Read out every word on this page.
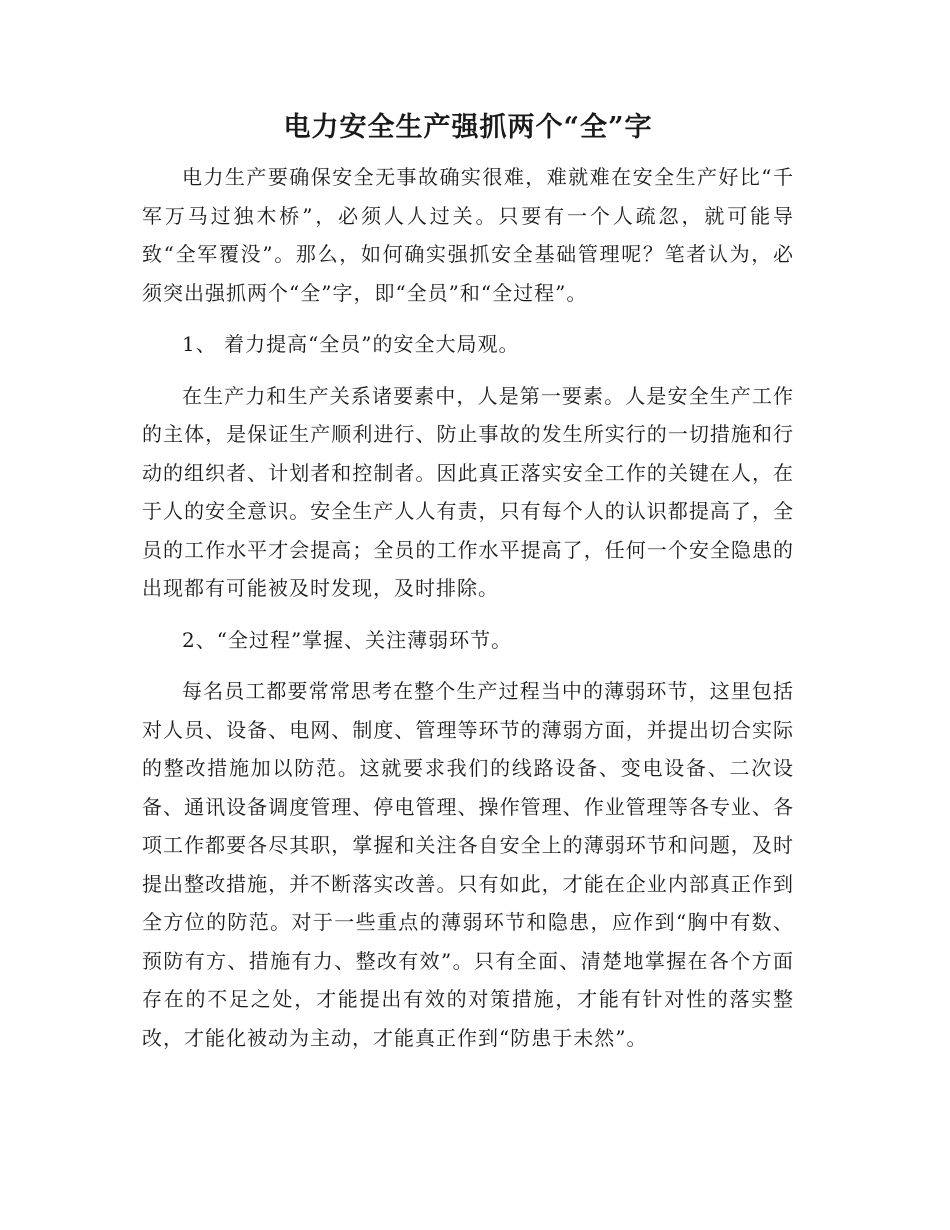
电力安全生产强抓两个“全”字

电力生产要确保安全无事故确实很难，难就难在安全生产好比“千军万马过独木桥”，必须人人过关。只要有一个人疏忽，就可能导致“全军覆没”。那么，如何确实强抓安全基础管理呢？笔者认为，必须突出强抓两个“全”字，即“全员”和“全过程”。

1、 着力提高“全员”的安全大局观。

在生产力和生产关系诸要素中，人是第一要素。人是安全生产工作的主体，是保证生产顺利进行、防止事故的发生所实行的一切措施和行动的组织者、计划者和控制者。因此真正落实安全工作的关键在人，在于人的安全意识。安全生产人人有责，只有每个人的认识都提高了，全员的工作水平才会提高；全员的工作水平提高了，任何一个安全隐患的出现都有可能被及时发现，及时排除。

2、“全过程”掌握、关注薄弱环节。

每名员工都要常常思考在整个生产过程当中的薄弱环节，这里包括对人员、设备、电网、制度、管理等环节的薄弱方面，并提出切合实际的整改措施加以防范。这就要求我们的线路设备、变电设备、二次设备、通讯设备调度管理、停电管理、操作管理、作业管理等各专业、各项工作都要各尽其职，掌握和关注各自安全上的薄弱环节和问题，及时提出整改措施，并不断落实改善。只有如此，才能在企业内部真正作到全方位的防范。对于一些重点的薄弱环节和隐患，应作到“胸中有数、预防有方、措施有力、整改有效”。只有全面、清楚地掌握在各个方面存在的不足之处，才能提出有效的对策措施，才能有针对性的落实整改，才能化被动为主动，才能真正作到“防患于未然”。
